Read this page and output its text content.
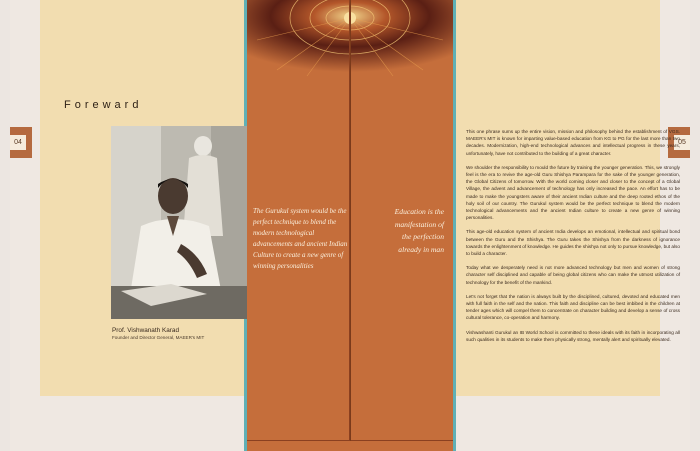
Foreward
04	05
Prof. Vishwanath Karad
Founder and Director General, MAEER's MIT
The Gurukul system would be the perfect technique to blend the modern technological advancements and ancient Indian Culture to create a new genre of winning personalities
Education is the manifestation of the perfection already in man

This one phrase sums up the entire vision, mission and philosophy behind the establishment of VGS. MAEER's MIT is known for imparting value-based education from KG to PG for the last more than two decades. Modernization, high-end technological advances and intellectual progress in these years, unfortunately, have not contributed to the building of a great character.

We shoulder the responsibility to mould the future by training the younger generation. This, we strongly feel is the era to revive the age-old Guru Shishya Parampara for the sake of the younger generation, the Global Citizens of tomorrow. With the world coming closer and closer to the concept of a Global Village, the advent and advancement of technology has only increased the pace. An effort has to be made to make the youngsters aware of their ancient Indian culture and the deep rooted ethos of the holy soil of our country. The Gurukul system would be the perfect technique to blend the modern technological advancements and the ancient Indian culture to create a new genre of winning personalities.

This age-old education system of ancient India develops an emotional, intellectual and spiritual bond between the Guru and the Shishya. The Guru takes the Shishya from the darkness of ignorance towards the enlightenment of knowledge. He guides the shishya not only to pursue knowledge, but also to build a character.

Today what we desperately need is not more advanced technology but men and women of strong character self disciplined and capable of being global citizens who can make the utmost utilization of technology for the benefit of the mankind.

Let's not forget that the nation is always built by the disciplined, cultured, devoted and educated men with full faith in the self and the nation. This faith and discipline can be best imbibed in the children at tender ages which will compel them to concentrate on character building and develop a sense of cross cultural tolerance, co-operation and harmony.

Vishwashanti Gurukul an IB World School is committed to these ideals with its faith in incorporating all such qualities in its students to make them physically strong, mentally alert and spiritually elevated.
